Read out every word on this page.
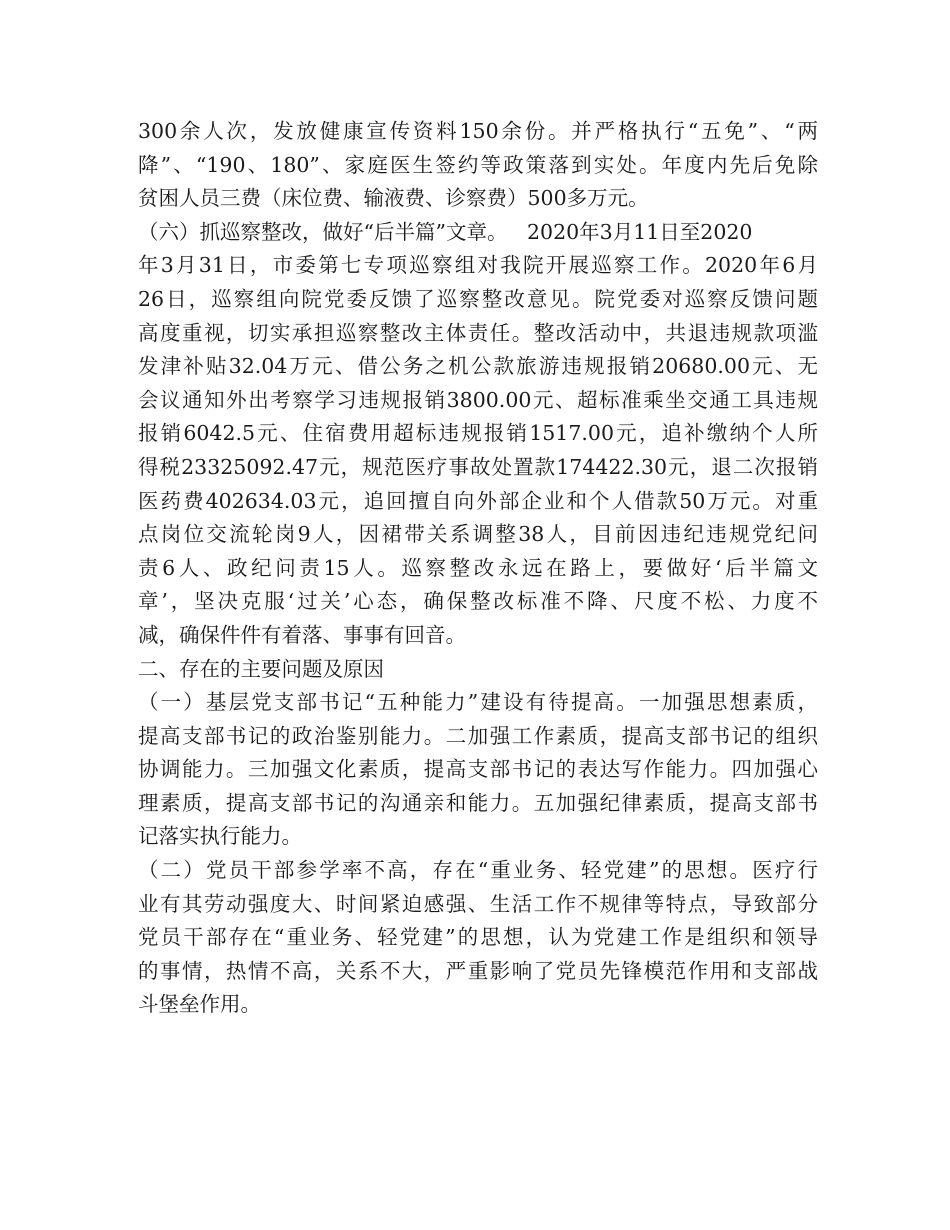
300余人次，发放健康宣传资料150余份。并严格执行“五免”、“两
降”、“190、180”、家庭医生签约等政策落到实处。年度内先后免除
贫困人员三费（床位费、输液费、诊察费）500多万元。
（六）抓巡察整改，做好“后半篇”文章。   2020年3月11日至2020
年3月31日，市委第七专项巡察组对我院开展巡察工作。2020年6月
26日，巡察组向院党委反馈了巡察整改意见。院党委对巡察反馈问题
高度重视，切实承担巡察整改主体责任。整改活动中，共退违规款项滥
发津补贴32.04万元、借公务之机公款旅游违规报销20680.00元、无
会议通知外出考察学习违规报销3800.00元、超标准乘坐交通工具违规
报销6042.5元、住宿费用超标违规报销1517.00元，追补缴纳个人所
得税23325092.47元，规范医疗事故处置款174422.30元，退二次报销
医药费402634.03元，追回擅自向外部企业和个人借款50万元。对重
点岗位交流轮岗9人，因裙带关系调整38人，目前因违纪违规党纪问
责6人、政纪问责15人。巡察整改永远在路上，要做好‘后半篇文
章’，坚决克服‘过关’心态，确保整改标准不降、尺度不松、力度不
减，确保件件有着落、事事有回音。
二、存在的主要问题及原因
（一）基层党支部书记“五种能力”建设有待提高。一加强思想素质，
提高支部书记的政治鉴别能力。二加强工作素质，提高支部书记的组织
协调能力。三加强文化素质，提高支部书记的表达写作能力。四加强心
理素质，提高支部书记的沟通亲和能力。五加强纪律素质，提高支部书
记落实执行能力。
（二）党员干部参学率不高，存在“重业务、轻党建”的思想。医疗行
业有其劳动强度大、时间紧迫感强、生活工作不规律等特点，导致部分
党员干部存在“重业务、轻党建”的思想，认为党建工作是组织和领导
的事情，热情不高，关系不大，严重影响了党员先锋模范作用和支部战
斗堡垒作用。
